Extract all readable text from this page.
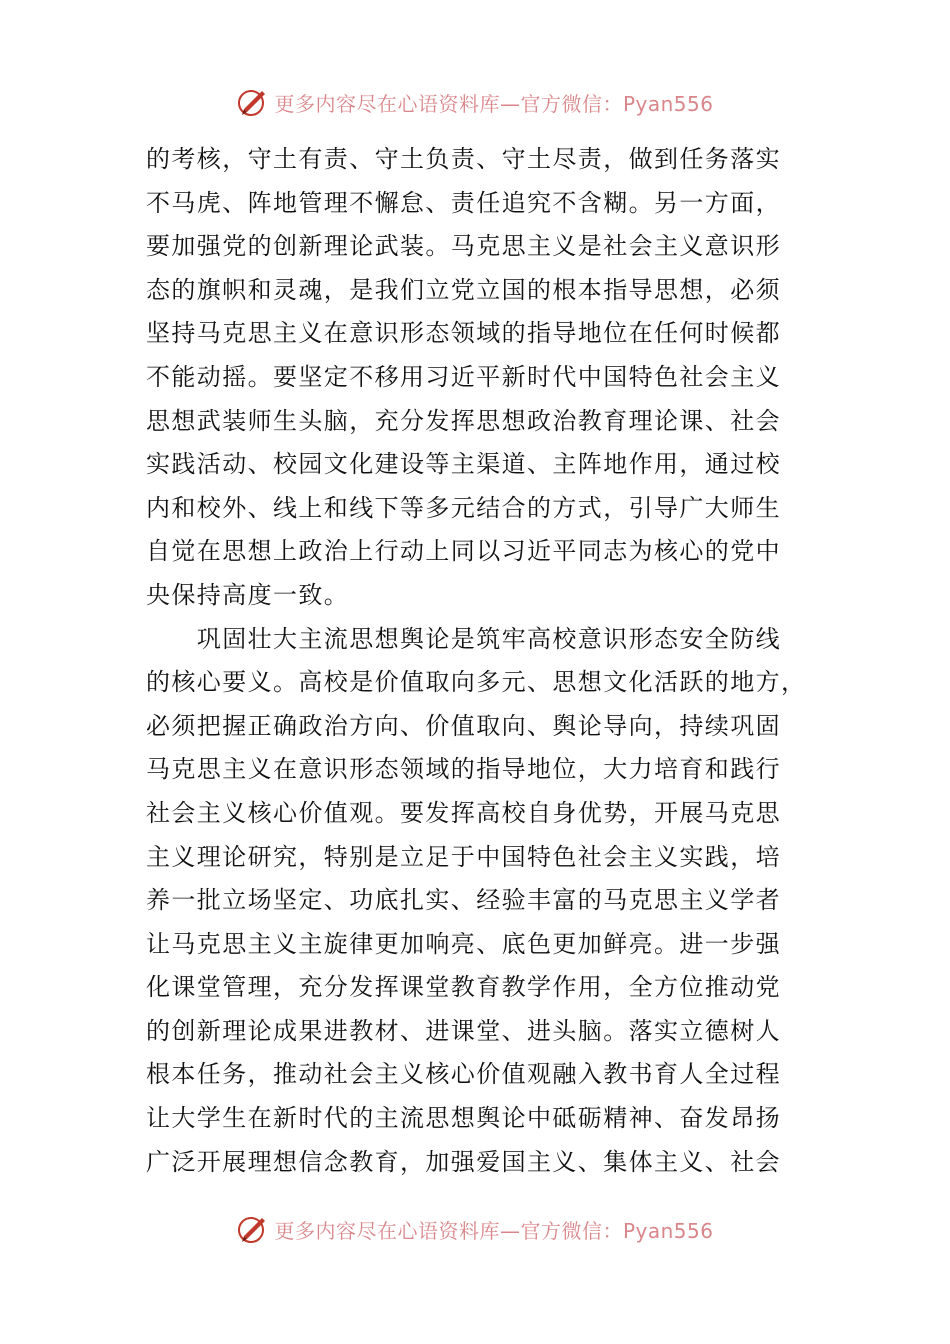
更多内容尽在心语资料库—官方微信：Pyan556
的考核，守土有责、守土负责、守土尽责，做到任务落实
不马虎、阵地管理不懈怠、责任追究不含糊。另一方面，
要加强党的创新理论武装。马克思主义是社会主义意识形
态的旗帜和灵魂，是我们立党立国的根本指导思想，必须
坚持马克思主义在意识形态领域的指导地位在任何时候都
不能动摇。要坚定不移用习近平新时代中国特色社会主义
思想武装师生头脑，充分发挥思想政治教育理论课、社会
实践活动、校园文化建设等主渠道、主阵地作用，通过校
内和校外、线上和线下等多元结合的方式，引导广大师生
自觉在思想上政治上行动上同以习近平同志为核心的党中
央保持高度一致。
　　巩固壮大主流思想舆论是筑牢高校意识形态安全防线
的核心要义。高校是价值取向多元、思想文化活跃的地方，
必须把握正确政治方向、价值取向、舆论导向，持续巩固
马克思主义在意识形态领域的指导地位，大力培育和践行
社会主义核心价值观。要发挥高校自身优势，开展马克思
主义理论研究，特别是立足于中国特色社会主义实践，培
养一批立场坚定、功底扎实、经验丰富的马克思主义学者
让马克思主义主旋律更加响亮、底色更加鲜亮。进一步强
化课堂管理，充分发挥课堂教育教学作用，全方位推动党
的创新理论成果进教材、进课堂、进头脑。落实立德树人
根本任务，推动社会主义核心价值观融入教书育人全过程
让大学生在新时代的主流思想舆论中砥砺精神、奋发昂扬
广泛开展理想信念教育，加强爱国主义、集体主义、社会
更多内容尽在心语资料库—官方微信：Pyan556
